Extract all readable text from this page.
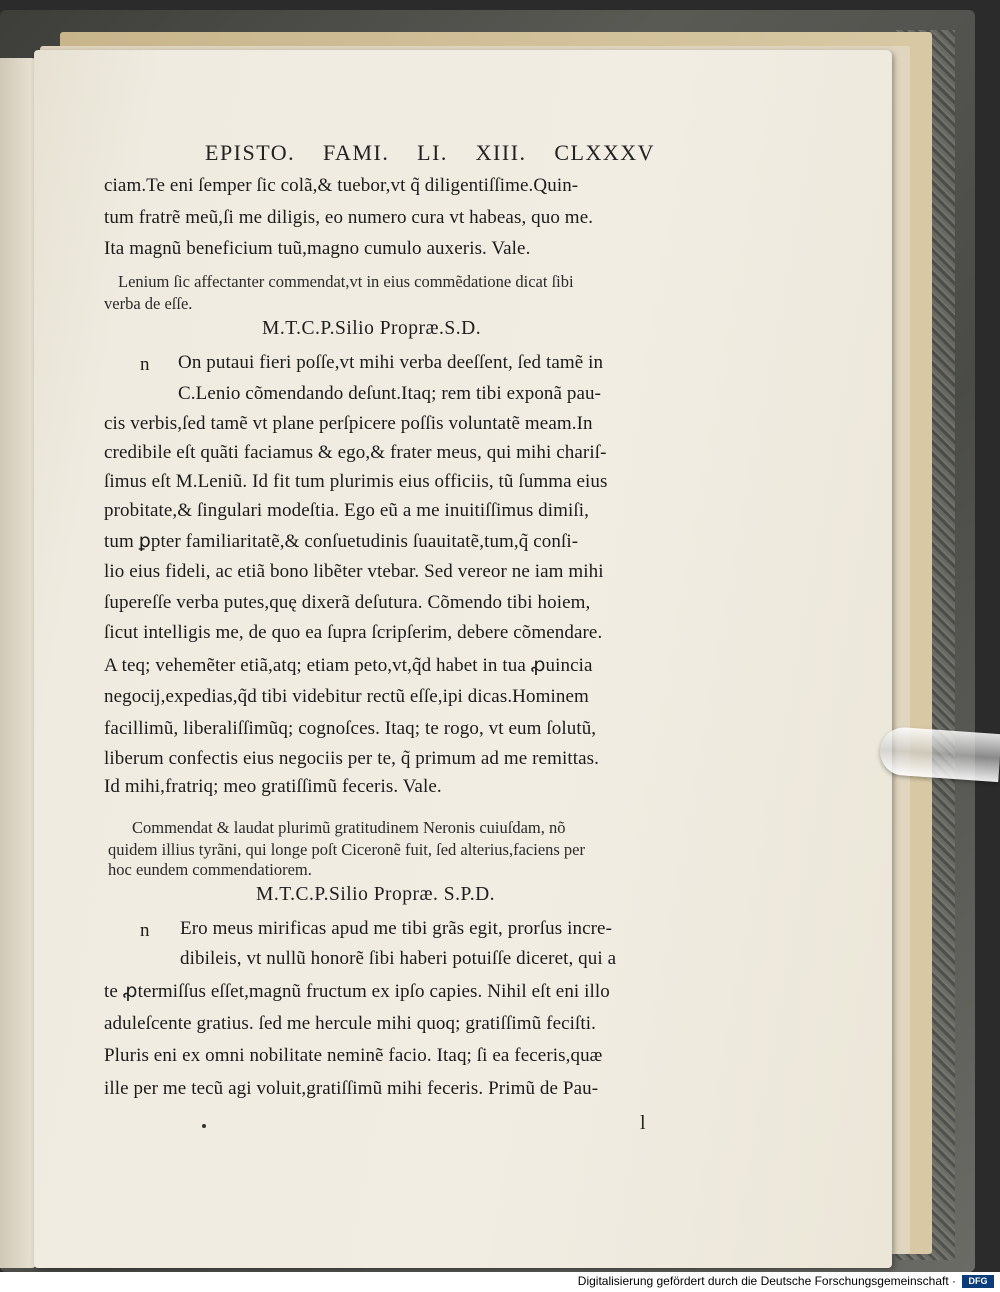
EPISTO. FAMI. LI. XIII. CLXXXV
ciam.Te eni ſemper ſic colã,& tuebor,vt q̃ diligentiſſime.Quin-
tum fratrẽ meũ,ſi me diligis, eo numero cura vt habeas, quo me.
Ita magnũ beneficium tuũ,magno cumulo auxeris. Vale.
Lenium ſic affectanter commendat,vt in eius commẽdatione dicat ſibi
verba de eſſe.
M.T.C.P.Silio Propræ.S.D.
n On putaui fieri poſſe,vt mihi verba deeſſent, ſed tamẽ in
C.Lenio cõmendando deſunt.Itaq; rem tibi exponã pau-
cis verbis,ſed tamẽ vt plane perſpicere poſſis voluntatẽ meam.In
credibile eſt quãti faciamus & ego,& frater meus, qui mihi chariſ-
ſimus eſt M.Leniũ. Id fit tum plurimis eius officiis, tũ ſumma eius
probitate,& ſingulari modeſtia. Ego eũ a me inuitiſſimus dimiſi,
tum ꝑpter familiaritatẽ,& conſuetudinis ſuauitatẽ,tum,q̃ conſi-
lio eius fideli, ac etiã bono libẽter vtebar. Sed vereor ne iam mihi
ſupereſſe verba putes,quę dixerã deſutura. Cõmendo tibi hoiem,
ſicut intelligis me, de quo ea ſupra ſcripſerim, debere cõmendare.
A teq; vehemẽter etiã,atq; etiam peto,vt,q̃d habet in tua ꝓuincia
negocij,expedias,q̃d tibi videbitur rectũ eſſe,ipi dicas.Hominem
facillimũ, liberaliſſimũq; cognoſces. Itaq; te rogo, vt eum ſolutũ,
liberum confectis eius negociis per te, q̃ primum ad me remittas.
Id mihi,fratriq; meo gratiſſimũ feceris. Vale.
Commendat & laudat plurimũ gratitudinem Neronis cuiuſdam, nõ
quidem illius tyrãni, qui longe poſt Ciceronẽ fuit, ſed alterius,faciens per
hoc eundem commendatiorem.
M.T.C.P.Silio Propræ. S.P.D.
n Ero meus mirificas apud me tibi grãs egit, prorſus incre-
dibileis, vt nullũ honorẽ ſibi haberi potuiſſe diceret, qui a
te ꝓtermiſſus eſſet,magnũ fructum ex ipſo capies. Nihil eſt eni illo
aduleſcente gratius. ſed me hercule mihi quoq; gratiſſimũ feciſti.
Pluris eni ex omni nobilitate neminẽ facio. Itaq; ſi ea feceris,quæ
ille per me tecũ agi voluit,gratiſſimũ mihi feceris. Primũ de Pau-
l
Digitalisierung gefördert durch die Deutsche Forschungsgemeinschaft ·	DFG
